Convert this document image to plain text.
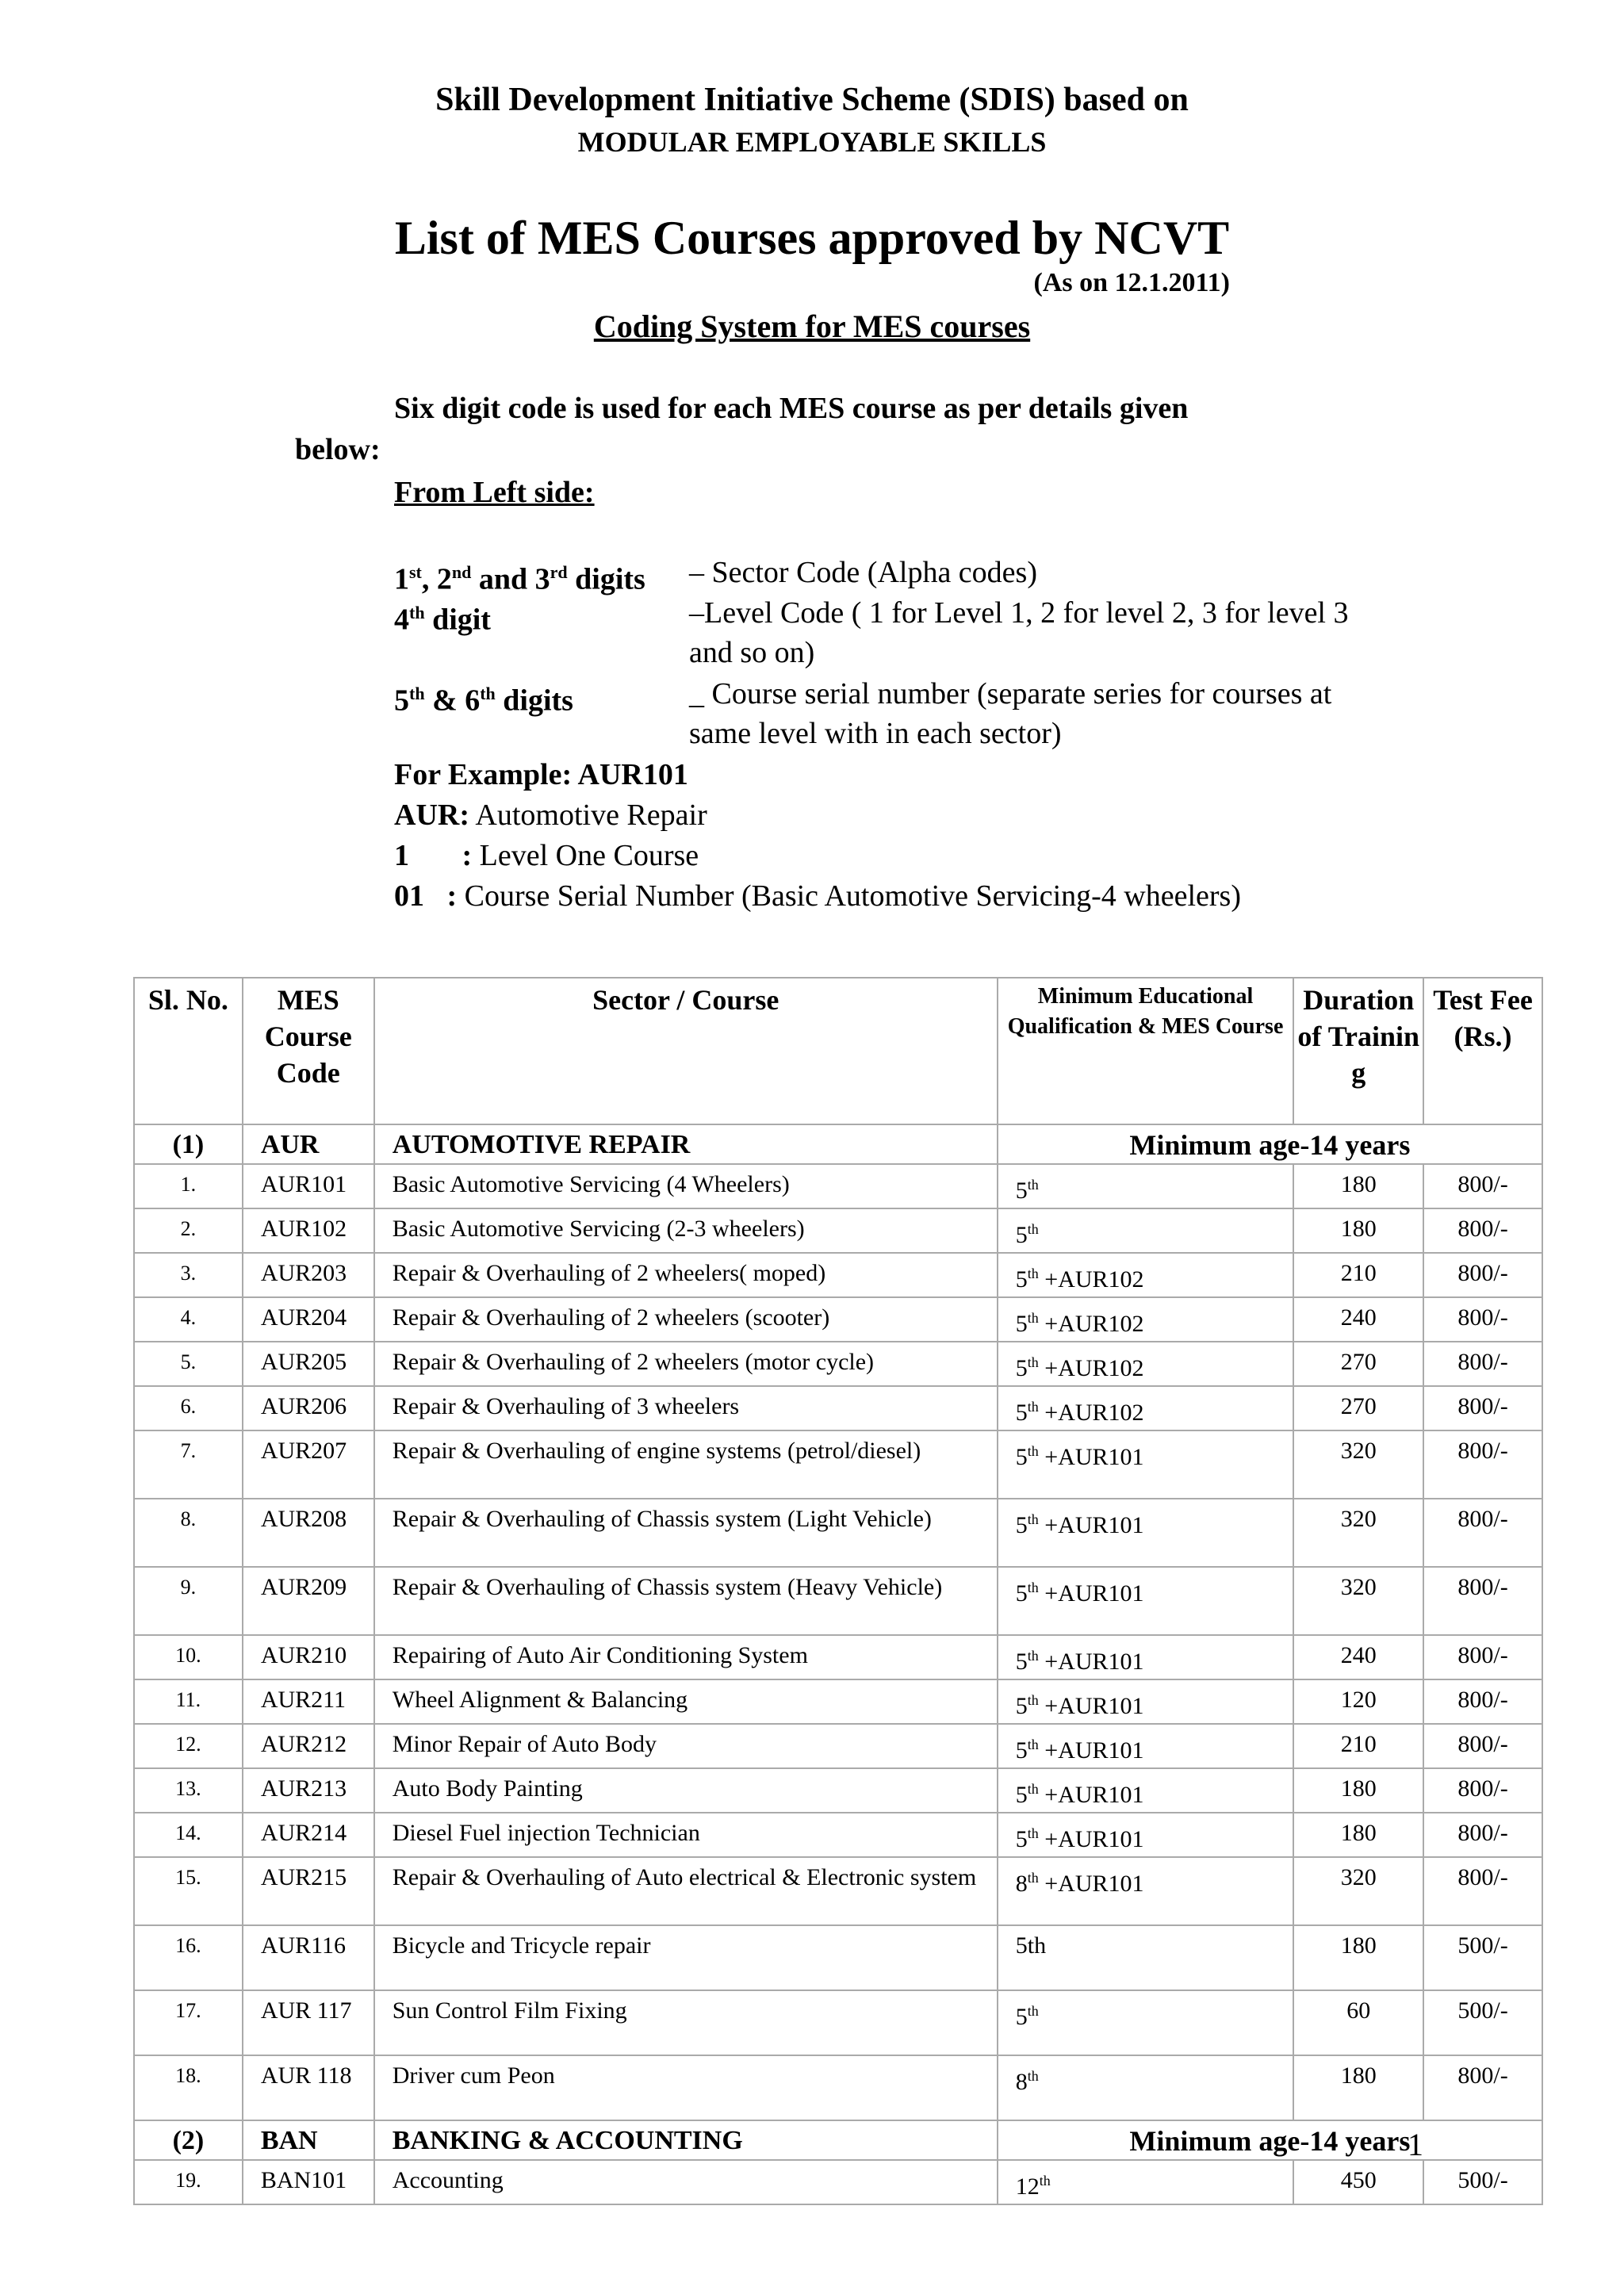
Skill Development Initiative Scheme (SDIS) based on
MODULAR EMPLOYABLE SKILLS
List of MES Courses approved by NCVT
(As on 12.1.2011)
Coding System for MES courses
Six digit code is used for each MES course as per details given
below:
From Left side:
1st, 2nd and 3rd digits – Sector Code (Alpha codes)
4th digit	–Level Code ( 1 for Level 1, 2 for level 2, 3 for level 3 and so on)
5th & 6th digits	_ Course serial number (separate series for courses at same level with in each sector)
For Example: AUR101
AUR: Automotive Repair
1       : Level One Course
01   : Course Serial Number (Basic Automotive Servicing-4 wheelers)
Sl. No.	MES Course Code	Sector / Course	Minimum Educational Qualification & MES Course	Duration of Training	Test Fee (Rs.)
(1)	AUR	AUTOMOTIVE REPAIR	Minimum age-14 years		
1.	AUR101	Basic Automotive Servicing (4 Wheelers)	5th	180	800/-
2.	AUR102	Basic Automotive Servicing (2-3 wheelers)	5th	180	800/-
3.	AUR203	Repair & Overhauling of 2 wheelers( moped)	5th +AUR102	210	800/-
4.	AUR204	Repair & Overhauling of 2 wheelers (scooter)	5th +AUR102	240	800/-
5.	AUR205	Repair & Overhauling of 2 wheelers (motor cycle)	5th +AUR102	270	800/-
6.	AUR206	Repair & Overhauling of 3 wheelers	5th +AUR102	270	800/-
7.	AUR207	Repair & Overhauling of engine systems (petrol/diesel)	5th +AUR101	320	800/-
8.	AUR208	Repair & Overhauling of Chassis system (Light Vehicle)	5th +AUR101	320	800/-
9.	AUR209	Repair & Overhauling of Chassis system (Heavy Vehicle)	5th +AUR101	320	800/-
10.	AUR210	Repairing of Auto Air Conditioning System	5th +AUR101	240	800/-
11.	AUR211	Wheel Alignment & Balancing	5th +AUR101	120	800/-
12.	AUR212	Minor Repair of Auto Body	5th +AUR101	210	800/-
13.	AUR213	Auto Body Painting	5th +AUR101	180	800/-
14.	AUR214	Diesel Fuel injection Technician	5th +AUR101	180	800/-
15.	AUR215	Repair & Overhauling of Auto electrical & Electronic system	8th +AUR101	320	800/-
16.	AUR116	Bicycle and Tricycle repair	5th	180	500/-
17.	AUR 117	Sun Control Film Fixing	5th	60	500/-
18.	AUR 118	Driver cum Peon	8th	180	800/-
(2)	BAN	BANKING & ACCOUNTING	Minimum age-14 years		
19.	BAN101	Accounting	12th	450	500/-
1
